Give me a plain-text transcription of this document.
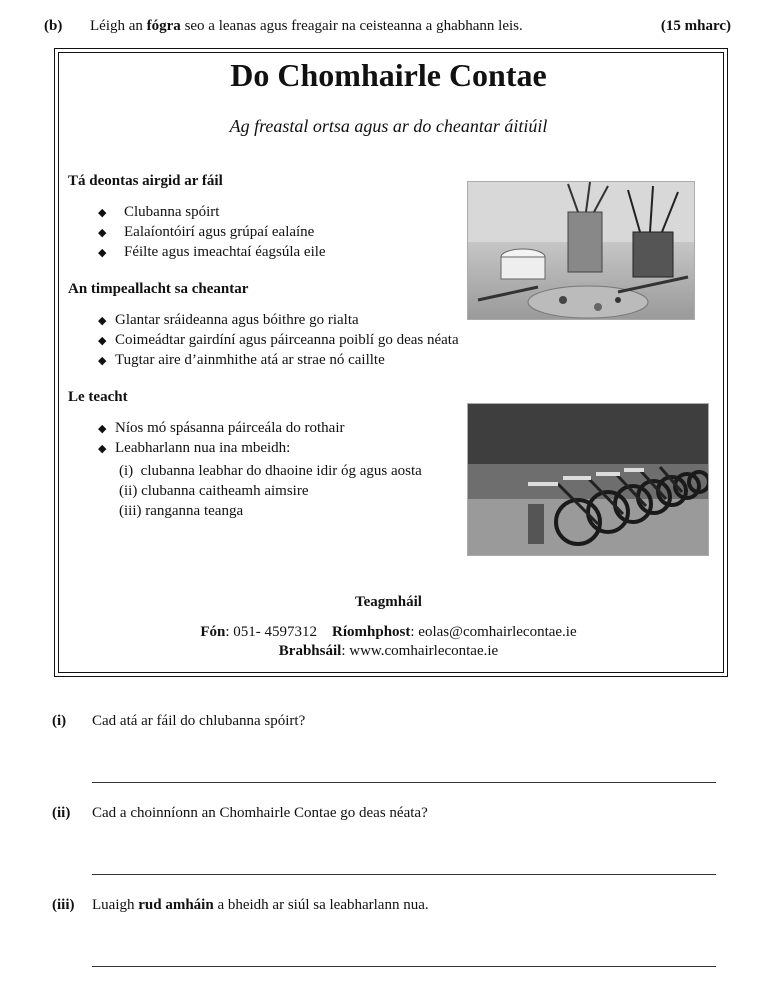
(b) Léigh an fógra seo a leanas agus freagair na ceisteanna a ghabhann leis.	(15 mharc)
Do Chomhairle Contae
Ag freastal ortsa agus ar do cheantar áitiúil
Tá deontas airgid ar fáil
◆ Clubanna spóirt
◆ Ealaíontóirí agus grúpaí ealaíne
◆ Féilte agus imeachtaí éagsúla eile
An timpeallacht sa cheantar
◆ Glantar sráideanna agus bóithre go rialta
◆ Coimeádtar gairdíní agus páirceanna poiblí go deas néata
◆ Tugtar aire d’ainmhithe atá ar strae nó caillte
Le teacht
◆ Níos mó spásanna páirceála do rothair
◆ Leabharlann nua ina mbeidh:
(i)  clubanna leabhar do dhaoine idir óg agus aosta
(ii) clubanna caitheamh aimsire
(iii) ranganna teanga
Teagmháil
Fón: 051- 4597312 Ríomhphost: eolas@comhairlecontae.ie
Brabhsáil: www.comhairlecontae.ie
(i) Cad atá ar fáil do chlubanna spóirt?
(ii) Cad a choinníonn an Chomhairle Contae go deas néata?
(iii) Luaigh rud amháin a bheidh ar siúl sa leabharlann nua.
